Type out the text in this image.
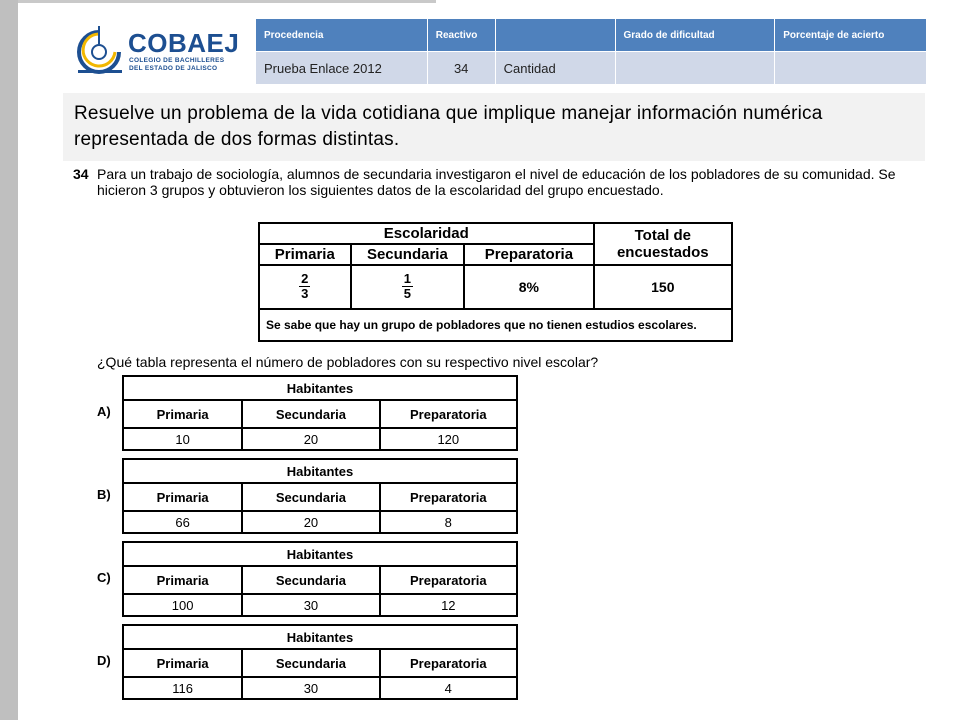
COBAEJ
COLEGIO DE BACHILLERES
DEL ESTADO DE JALISCO
Procedencia	Reactivo		Grado de dificultad	Porcentaje de acierto
Prueba Enlace 2012	34	Cantidad		
Resuelve un problema de la vida cotidiana que implique manejar información numérica representada de dos formas distintas.
34 Para un trabajo de sociología, alumnos de secundaria investigaron el nivel de educación de los pobladores de su comunidad. Se hicieron 3 grupos y obtuvieron los siguientes datos de la escolaridad del grupo encuestado.
Escolaridad			Total de encuestados
Primaria	Secundaria	Preparatoria	

$\frac{2}{3}$	$\frac{1}{5}$	8%	150
Se sabe que hay un grupo de pobladores que no tienen estudios escolares.			
¿Qué tabla representa el número de pobladores con su respectivo nivel escolar?
A)
Habitantes		
Primaria	Secundaria	Preparatoria
10	20	120
B)
Habitantes		
Primaria	Secundaria	Preparatoria
66	20	8
C)
Habitantes		
Primaria	Secundaria	Preparatoria
100	30	12
D)
Habitantes		
Primaria	Secundaria	Preparatoria
116	30	4
